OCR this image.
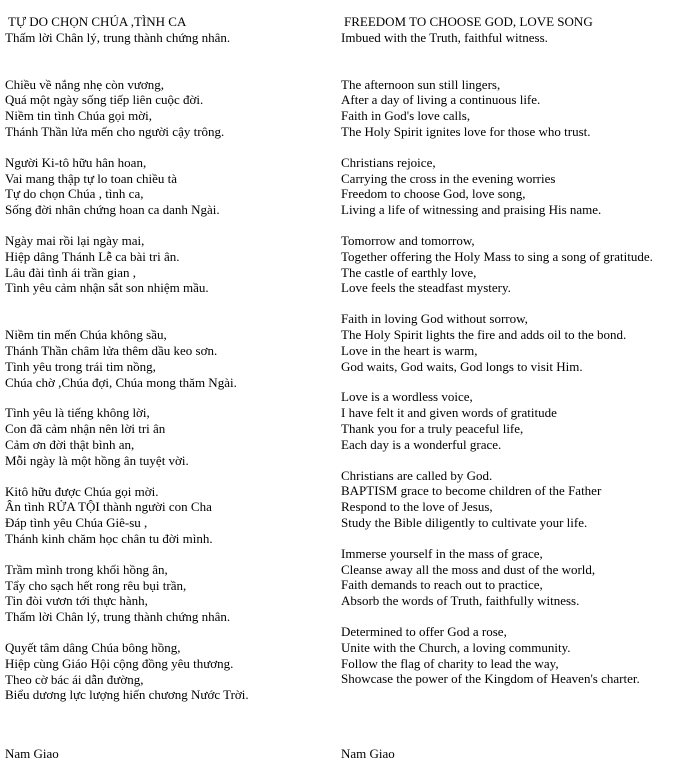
TỰ DO CHỌN CHÚA ,TÌNH CA
Thấm lời Chân lý, trung thành chứng nhân.
Chiều về nắng nhẹ còn vương,
Quá một ngày sống tiếp liên cuộc đời.
Niềm tin tình Chúa gọi mời,
Thánh Thần lửa mến cho người cậy trông.
Người Ki-tô hữu hân hoan,
Vai mang thập tự lo toan chiều tà
Tự do chọn Chúa , tình ca,
Sống đời nhân chứng hoan ca danh Ngài.
Ngày mai rồi lại ngày mai,
Hiệp dâng Thánh Lễ ca bài tri ân.
Lâu đài tình ái trần gian ,
Tình yêu cảm nhận sắt son nhiệm mầu.
Niềm tin mến Chúa không sầu,
Thánh Thần châm lửa thêm dầu keo sơn.
Tình yêu trong trái tim nồng,
Chúa chờ ,Chúa đợi, Chúa mong thăm Ngài.
Tình yêu là tiếng không lời,
Con đã cảm nhận nên lời tri ân
Cảm ơn đời thật bình an,
Mỗi ngày là một hồng ân tuyệt vời.
Kitô hữu được Chúa gọi mời.
Ân tình RỬA TỘI thành người con Cha
Đáp tình yêu Chúa Giê-su ,
Thánh kinh chăm học chân tu đời mình.
Trầm mình trong khối hồng ân,
Tẩy cho sạch hết rong rêu bụi trần,
Tin đòi vươn tới thực hành,
Thấm lời Chân lý, trung thành chứng nhân.
Quyết tâm dâng Chúa bông hồng,
Hiệp cùng Giáo Hội cộng đồng yêu thương.
Theo cờ bác ái dẫn đường,
Biểu dương lực lượng hiến chương Nước Trời.
FREEDOM TO CHOOSE GOD, LOVE SONG
Imbued with the Truth, faithful witness.
The afternoon sun still lingers,
After a day of living a continuous life.
Faith in God's love calls,
The Holy Spirit ignites love for those who trust.
Christians rejoice,
Carrying the cross in the evening worries
Freedom to choose God, love song,
Living a life of witnessing and praising His name.
Tomorrow and tomorrow,
Together offering the Holy Mass to sing a song of gratitude.
The castle of earthly love,
Love feels the steadfast mystery.
Faith in loving God without sorrow,
The Holy Spirit lights the fire and adds oil to the bond.
Love in the heart is warm,
God waits, God waits, God longs to visit Him.
Love is a wordless voice,
I have felt it and given words of gratitude
Thank you for a truly peaceful life,
Each day is a wonderful grace.
Christians are called by God.
BAPTISM grace to become children of the Father
Respond to the love of Jesus,
Study the Bible diligently to cultivate your life.
Immerse yourself in the mass of grace,
Cleanse away all the moss and dust of the world,
Faith demands to reach out to practice,
Absorb the words of Truth, faithfully witness.
Determined to offer God a rose,
Unite with the Church, a loving community.
Follow the flag of charity to lead the way,
Showcase the power of the Kingdom of Heaven's charter.
Nam Giao	Nam Giao
